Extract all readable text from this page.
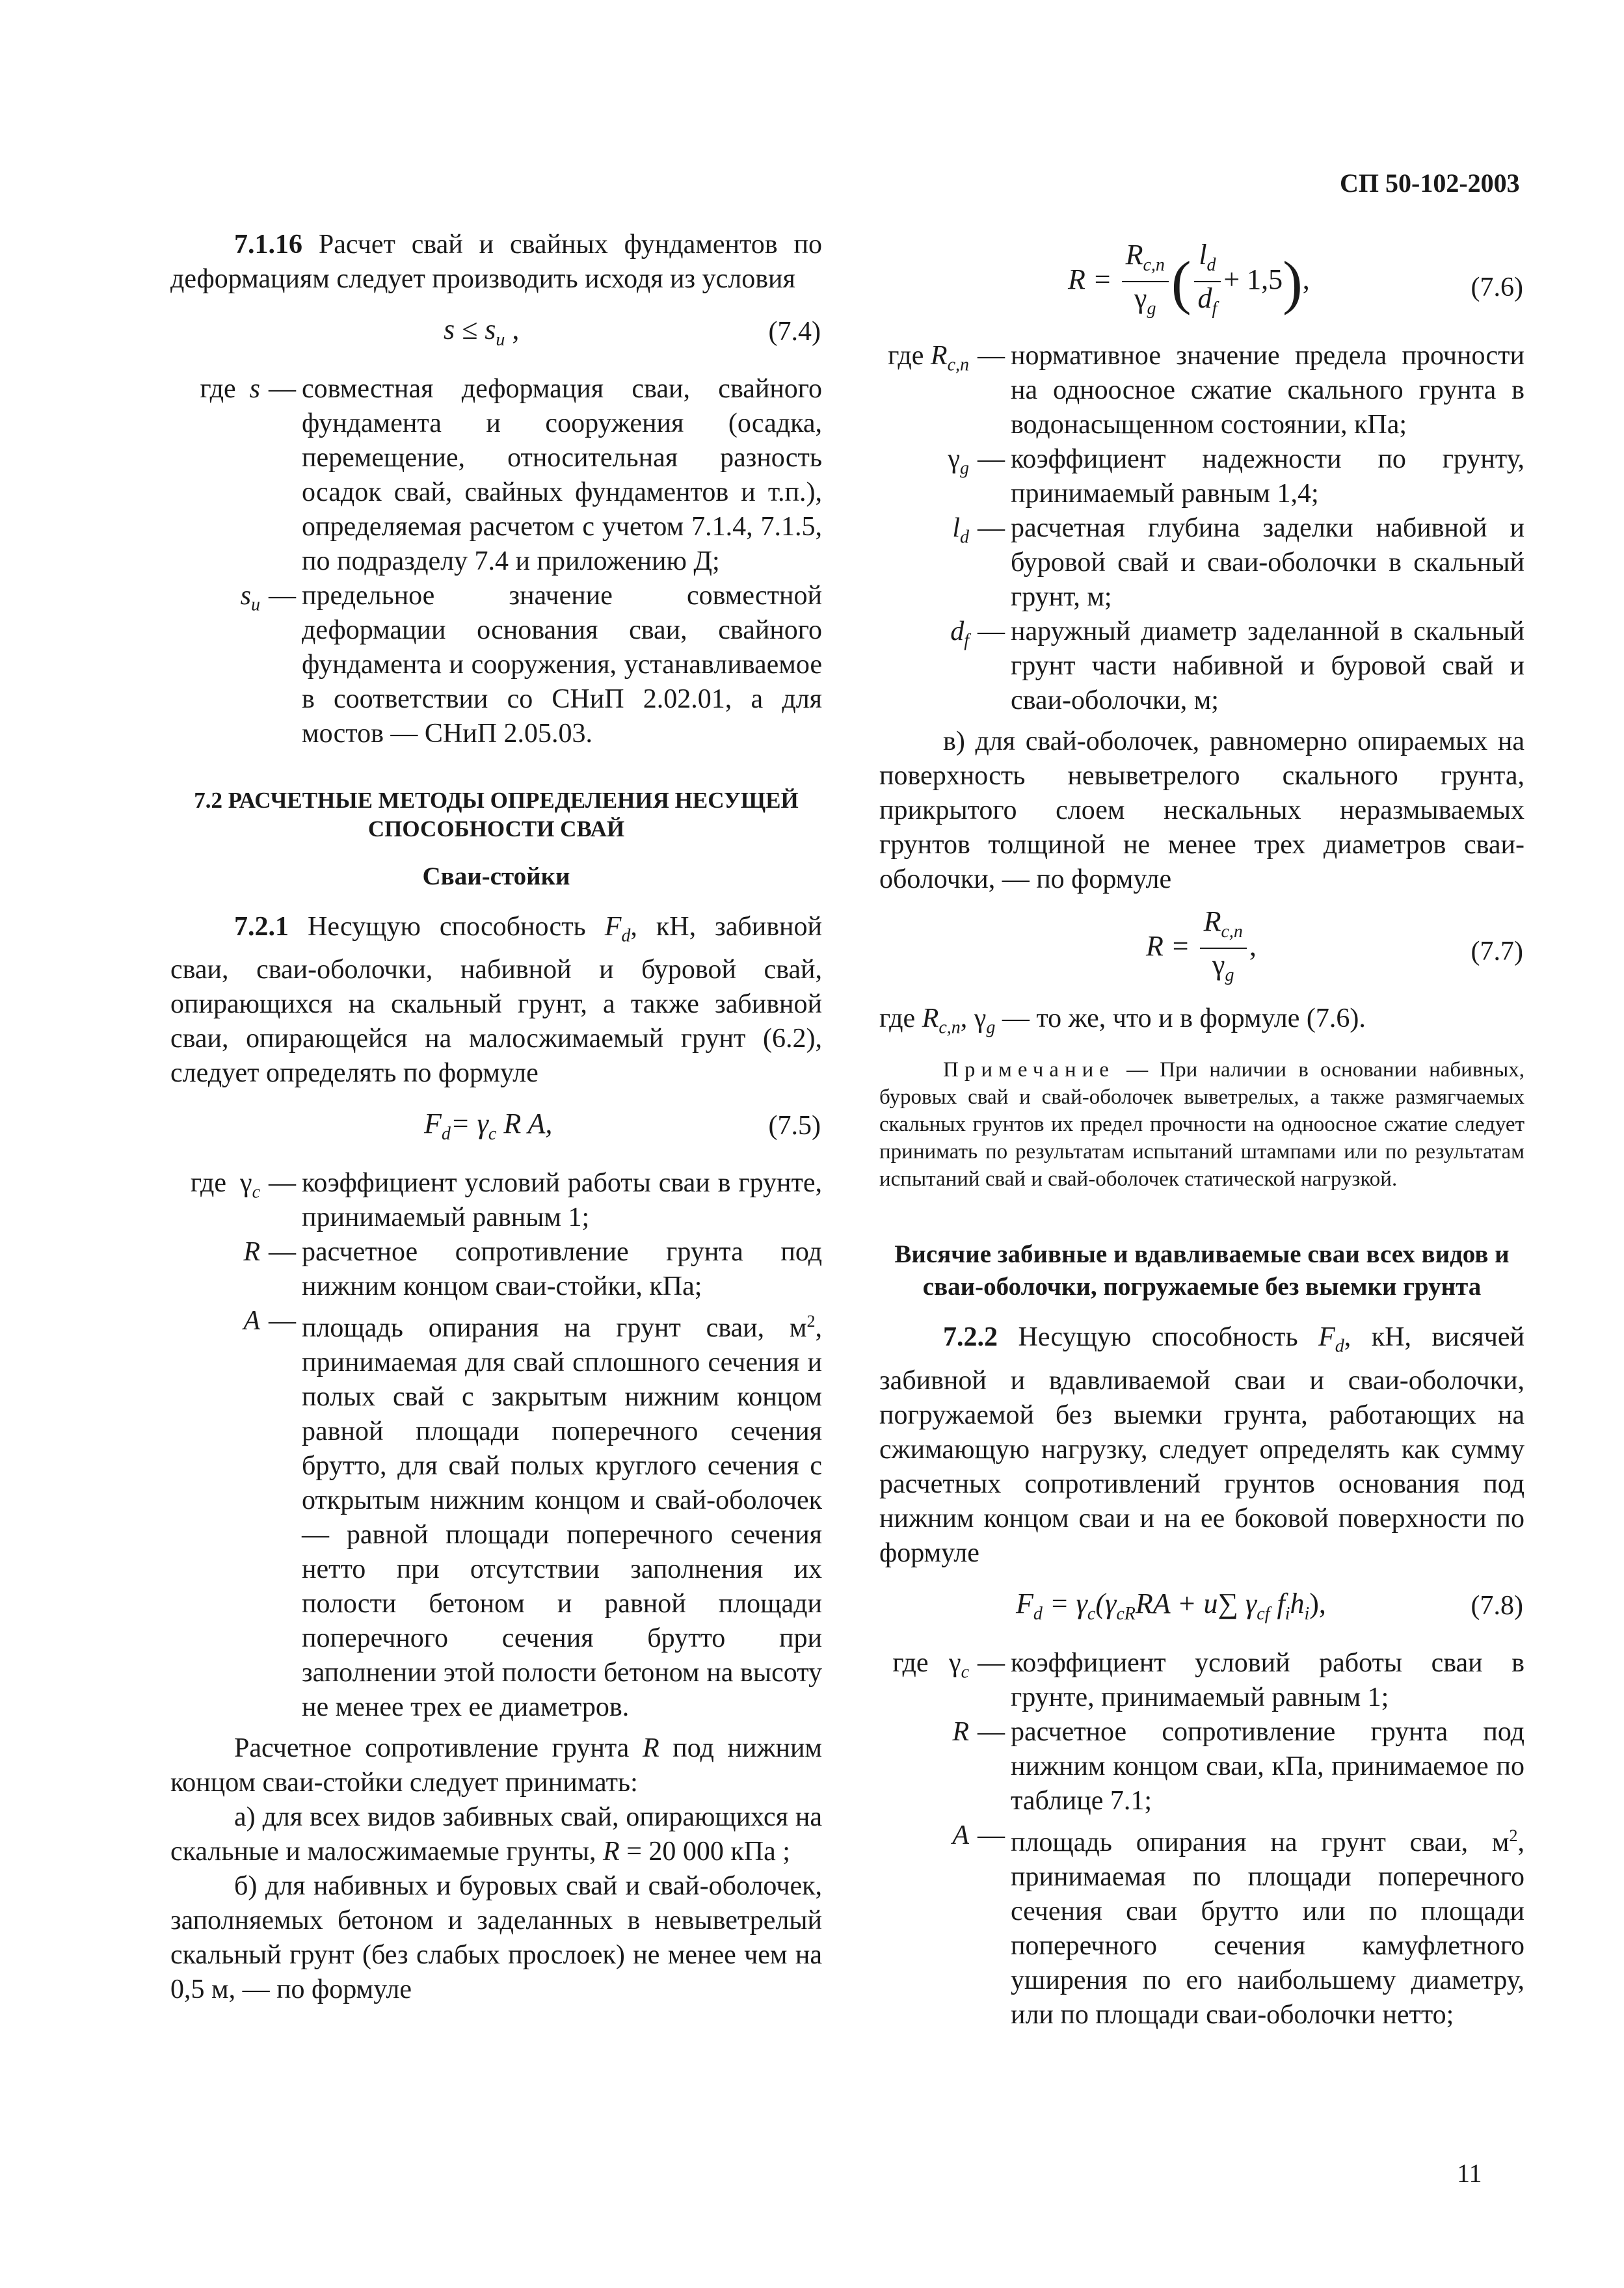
СП 50-102-2003

7.1.16 Расчет свай и свайных фундаментов по деформациям следует производить исходя из условия

$s \le s_u$ ,	(7.4)
где s — совместная деформация сваи, свайного фундамента и сооружения (осадка, перемещение, относительная разность осадок свай, свайных фундаментов и т.п.), определяемая расчетом с учетом 7.1.4, 7.1.5, по подразделу 7.4 и приложению Д;
$s_u$ — предельное значение совместной деформации основания сваи, свайного фундамента и сооружения, устанавливаемое в соответствии со СНиП 2.02.01, а для мостов — СНиП 2.05.03.
7.2 РАСЧЕТНЫЕ МЕТОДЫ ОПРЕДЕЛЕНИЯ НЕСУЩЕЙ СПОСОБНОСТИ СВАЙ
Сваи-стойки

7.2.1 Несущую способность $F_d$, кН, забивной сваи, сваи-оболочки, набивной и буровой свай, опирающихся на скальный грунт, а также забивной сваи, опирающейся на малосжимаемый грунт (6.2), следует определять по формуле

$F_d= \gamma_c$ R A,	(7.5)
где $\gamma_c$ — коэффициент условий работы сваи в грунте, принимаемый равным 1;
R — расчетное сопротивление грунта под нижним концом сваи-стойки, кПа;
A — площадь опирания на грунт сваи, $м^2$, принимаемая для свай сплошного сечения и полых свай с закрытым нижним концом равной площади поперечного сечения брутто, для свай полых круглого сечения с открытым нижним концом и свай-оболочек — равной площади поперечного сечения нетто при отсутствии заполнения их полости бетоном и равной площади поперечного сечения брутто при заполнении этой полости бетоном на высоту не менее трех ее диаметров.

Расчетное сопротивление грунта R под нижним концом сваи-стойки следует принимать:

а) для всех видов забивных свай, опирающихся на скальные и малосжимаемые грунты, R = 20 000 кПа ;

б) для набивных и буровых свай и свай-оболочек, заполняемых бетоном и заделанных в невыветрелый скальный грунт (без слабых прослоек) не менее чем на 0,5 м, — по формуле

$R = \frac{R_{c,n}}{\gamma_g}$ ( $\frac{l_d}{d_f} + 1,5$),	(7.6)
где $R_{c,n}$ — нормативное значение предела прочности на одноосное сжатие скального грунта в водонасыщенном состоянии, кПа;
$\gamma_g$ — коэффициент надежности по грунту, принимаемый равным 1,4;
$l_d$ — расчетная глубина заделки набивной и буровой свай и сваи-оболочки в скальный грунт, м;
$d_f$ — наружный диаметр заделанной в скальный грунт части набивной и буровой свай и сваи-оболочки, м;

в) для свай-оболочек, равномерно опираемых на поверхность невыветрелого скального грунта, прикрытого слоем нескальных неразмываемых грунтов толщиной не менее трех диаметров сваи-оболочки, — по формуле

$R = \frac{R_{c,n}}{\gamma_g}$ ,	(7.7)

где $R_{c,n}$, $\gamma_g$ — то же, что и в формуле (7.6).

Примечание — При наличии в основании набивных, буровых свай и свай-оболочек выветрелых, а также размягчаемых скальных грунтов их предел прочности на одноосное сжатие следует принимать по результатам испытаний штампами или по результатам испытаний свай и свай-оболочек статической нагрузкой.

Висячие забивные и вдавливаемые сваи всех видов и сваи-оболочки, погружаемые без выемки грунта

7.2.2 Несущую способность $F_d$, кН, висячей забивной и вдавливаемой сваи и сваи-оболочки, погружаемой без выемки грунта, работающих на сжимающую нагрузку, следует определять как сумму расчетных сопротивлений грунтов основания под нижним концом сваи и на ее боковой поверхности по формуле

$F_d = \gamma_c(\gamma_{cR}RA + u\sum$ $\gamma_{cf}$ $f_ih_i$),	(7.8)
где $\gamma_c$ — коэффициент условий работы сваи в грунте, принимаемый равным 1;
R — расчетное сопротивление грунта под нижним концом сваи, кПа, принимаемое по таблице 7.1;
A — площадь опирания на грунт сваи, $м^2$, принимаемая по площади поперечного сечения сваи брутто или по площади поперечного сечения камуфлетного уширения по его наибольшему диаметру, или по площади сваи-оболочки нетто;
11
